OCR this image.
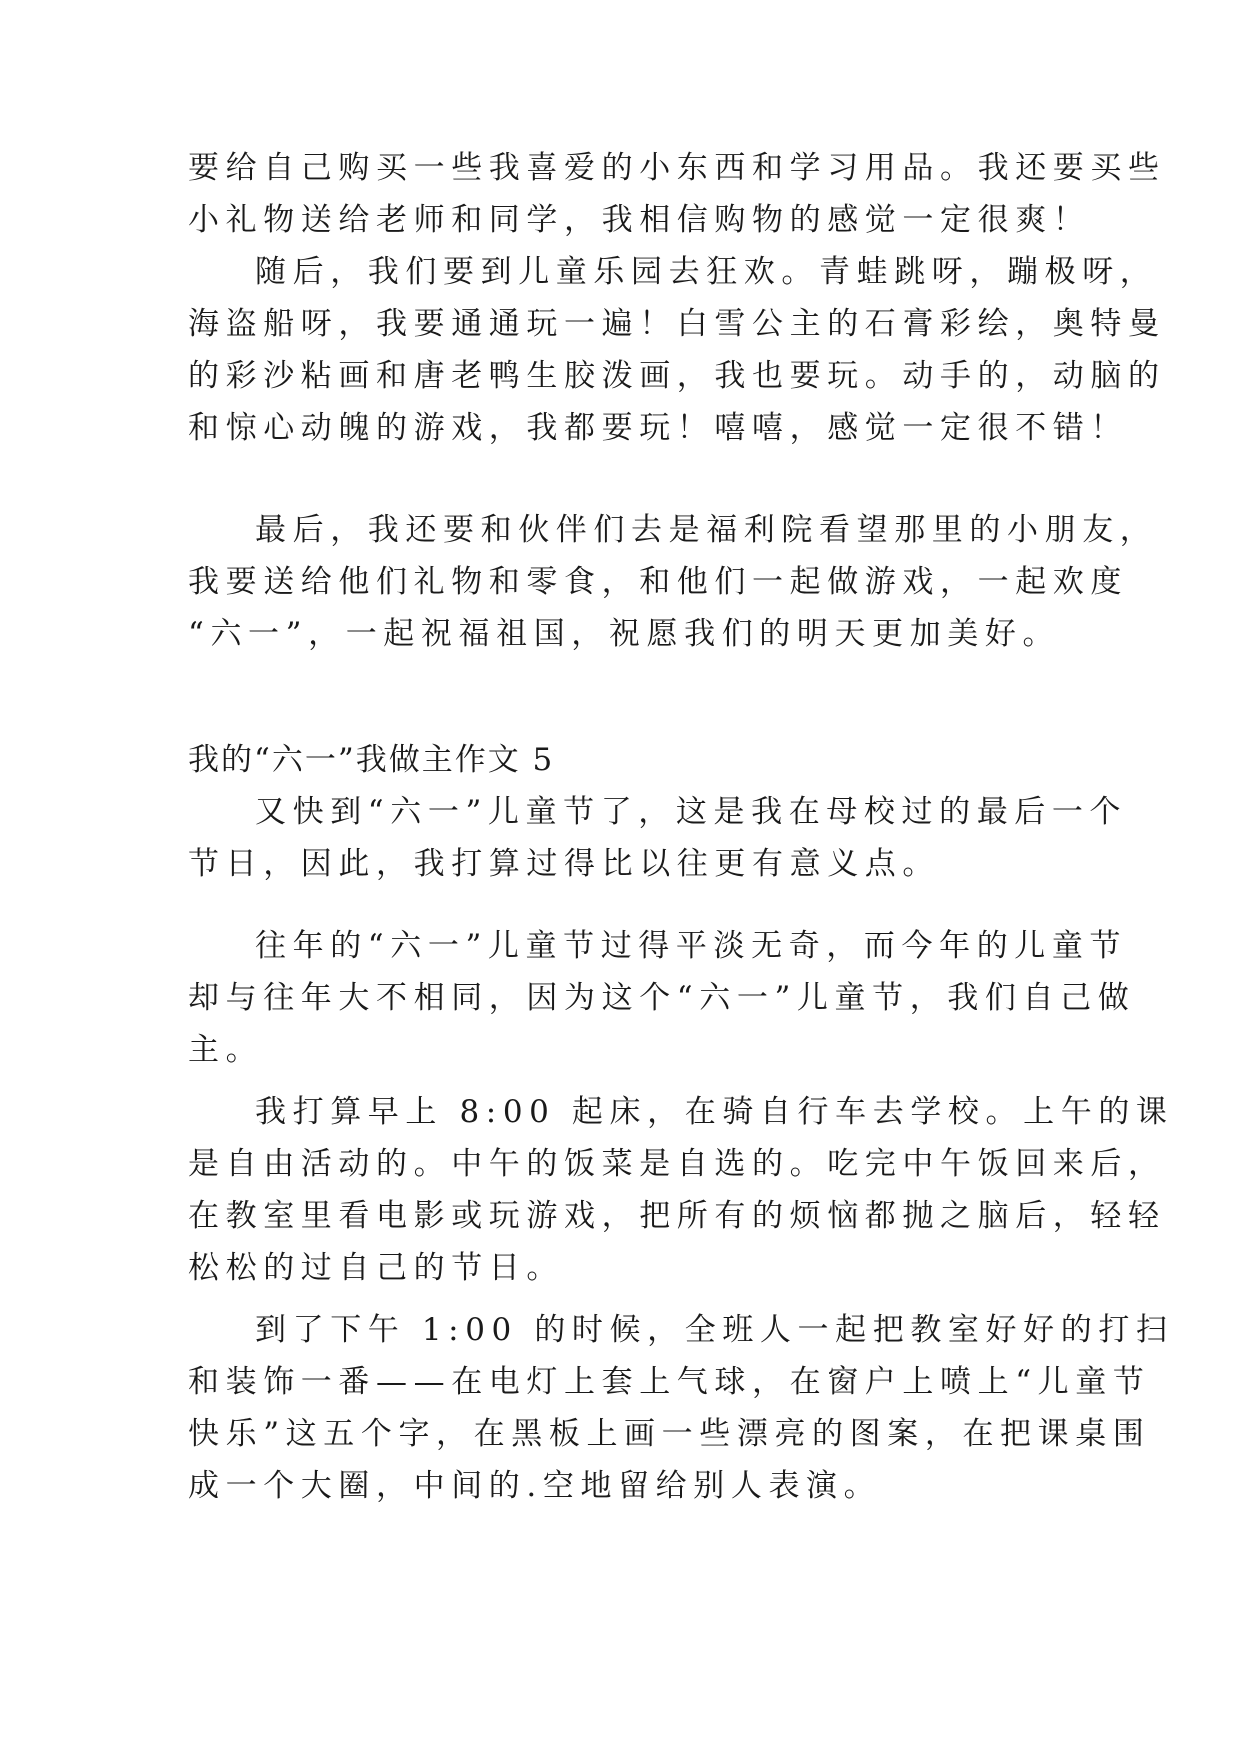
要给自己购买一些我喜爱的小东西和学习用品。我还要买些
小礼物送给老师和同学，我相信购物的感觉一定很爽！
随后，我们要到儿童乐园去狂欢。青蛙跳呀，蹦极呀，
海盗船呀，我要通通玩一遍！白雪公主的石膏彩绘，奥特曼
的彩沙粘画和唐老鸭生胶泼画，我也要玩。动手的，动脑的
和惊心动魄的游戏，我都要玩！嘻嘻，感觉一定很不错！
最后，我还要和伙伴们去是福利院看望那里的小朋友，
我要送给他们礼物和零食，和他们一起做游戏，一起欢度
“六一”，一起祝福祖国，祝愿我们的明天更加美好。
我的“六一”我做主作文 5
又快到“六一”儿童节了，这是我在母校过的最后一个
节日，因此，我打算过得比以往更有意义点。
往年的“六一”儿童节过得平淡无奇，而今年的儿童节
却与往年大不相同，因为这个“六一”儿童节，我们自己做
主。
我打算早上 8:00 起床，在骑自行车去学校。上午的课
是自由活动的。中午的饭菜是自选的。吃完中午饭回来后，
在教室里看电影或玩游戏，把所有的烦恼都抛之脑后，轻轻
松松的过自己的节日。
到了下午 1:00 的时候，全班人一起把教室好好的打扫
和装饰一番——在电灯上套上气球，在窗户上喷上“儿童节
快乐”这五个字，在黑板上画一些漂亮的图案，在把课桌围
成一个大圈，中间的.空地留给别人表演。
